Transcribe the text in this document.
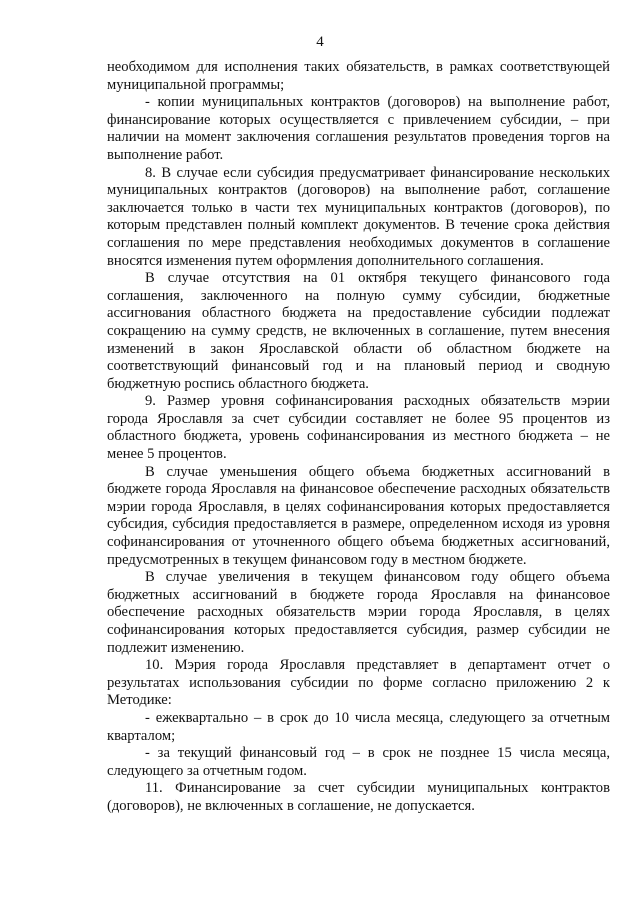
4

необходимом для исполнения таких обязательств, в рамках соответствующей муниципальной программы;

- копии муниципальных контрактов (договоров) на выполнение работ, финансирование которых осуществляется с привлечением субсидии, – при наличии на момент заключения соглашения результатов проведения торгов на выполнение работ.

8. В случае если субсидия предусматривает финансирование нескольких муниципальных контрактов (договоров) на выполнение работ, соглашение заключается только в части тех муниципальных контрактов (договоров), по которым представлен полный комплект документов. В течение срока действия соглашения по мере представления необходимых документов в соглашение вносятся изменения путем оформления дополнительного соглашения.

В случае отсутствия на 01 октября текущего финансового года соглашения, заключенного на полную сумму субсидии, бюджетные ассигнования областного бюджета на предоставление субсидии подлежат сокращению на сумму средств, не включенных в соглашение, путем внесения изменений в закон Ярославской области об областном бюджете на соответствующий финансовый год и на плановый период и сводную бюджетную роспись областного бюджета.

9. Размер уровня софинансирования расходных обязательств мэрии города Ярославля за счет субсидии составляет не более 95 процентов из областного бюджета, уровень софинансирования из местного бюджета – не менее 5 процентов.

В случае уменьшения общего объема бюджетных ассигнований в бюджете города Ярославля на финансовое обеспечение расходных обязательств мэрии города Ярославля, в целях софинансирования которых предоставляется субсидия, субсидия предоставляется в размере, определенном исходя из уровня софинансирования от уточненного общего объема бюджетных ассигнований, предусмотренных в текущем финансовом году в местном бюджете.

В случае увеличения в текущем финансовом году общего объема бюджетных ассигнований в бюджете города Ярославля на финансовое обеспечение расходных обязательств мэрии города Ярославля, в целях софинансирования которых предоставляется субсидия, размер субсидии не подлежит изменению.

10. Мэрия города Ярославля представляет в департамент отчет о результатах использования субсидии по форме согласно приложению 2 к Методике:

- ежеквартально – в срок до 10 числа месяца, следующего за отчетным кварталом;

- за текущий финансовый год – в срок не позднее 15 числа месяца, следующего за отчетным годом.

11. Финансирование за счет субсидии муниципальных контрактов (договоров), не включенных в соглашение, не допускается.
